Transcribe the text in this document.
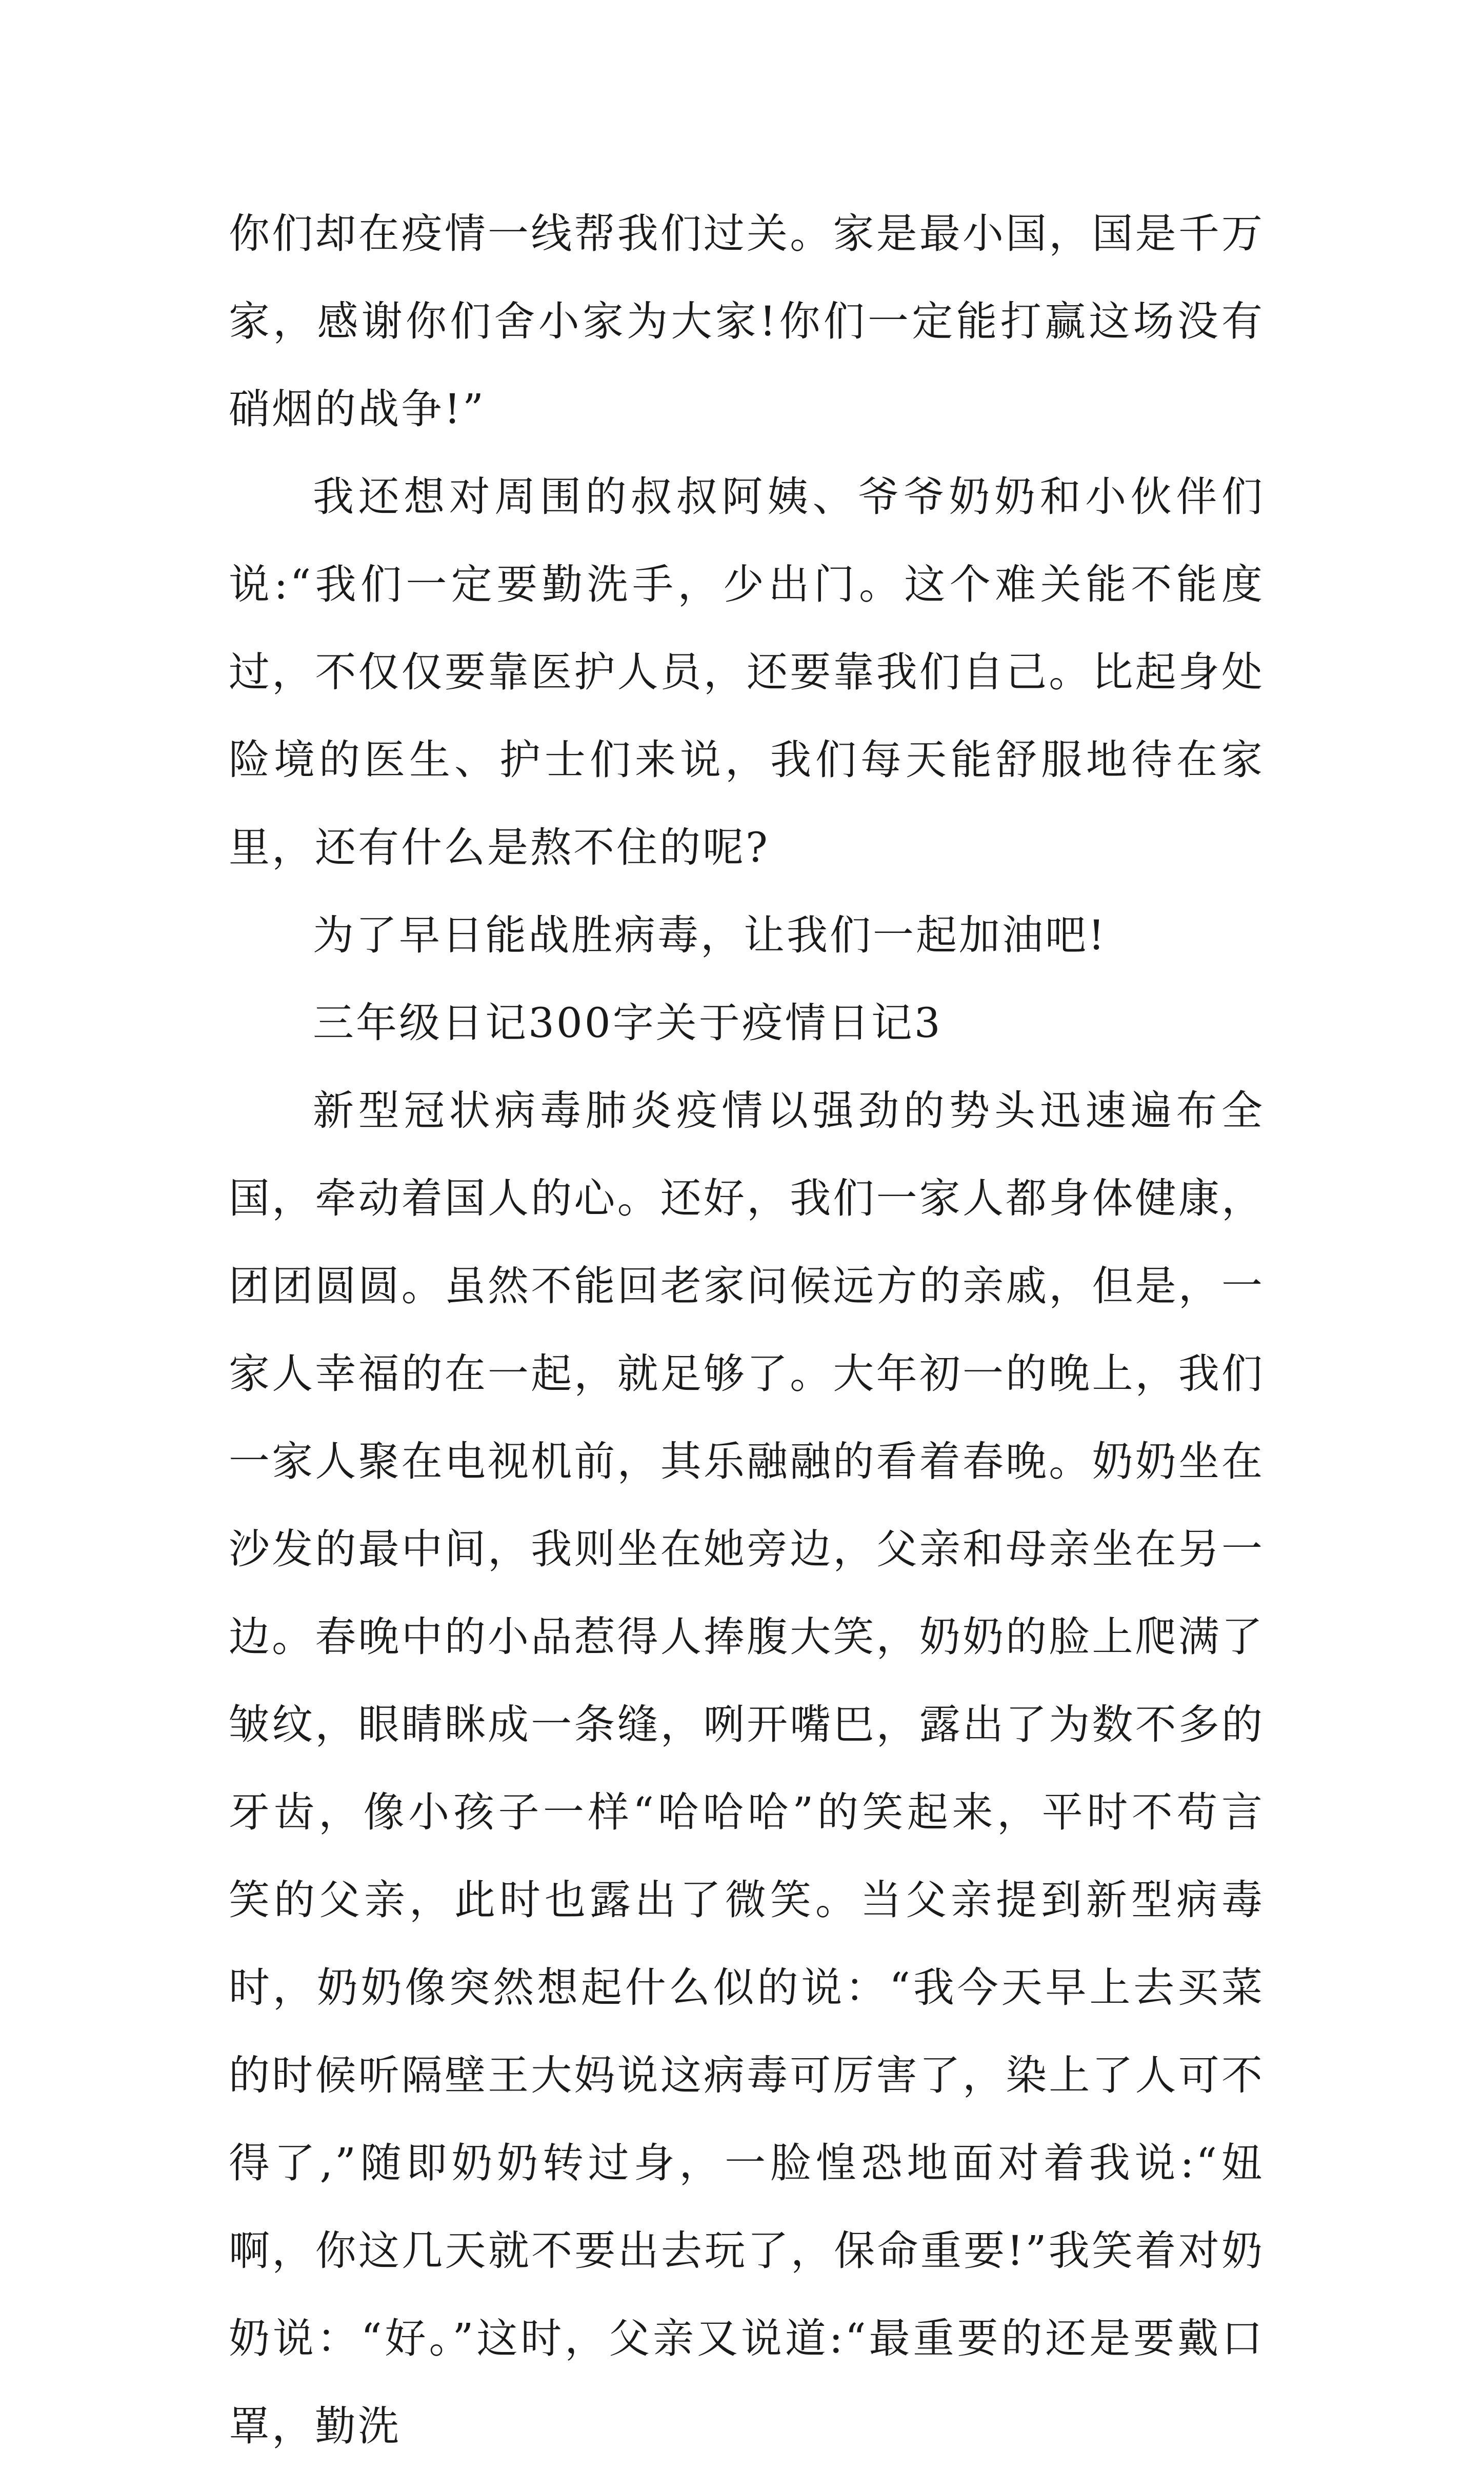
你们却在疫情一线帮我们过关。家是最小国，国是千万家，感谢你们舍小家为大家!你们一定能打赢这场没有硝烟的战争!”

我还想对周围的叔叔阿姨、爷爷奶奶和小伙伴们说:“我们一定要勤洗手，少出门。这个难关能不能度过，不仅仅要靠医护人员，还要靠我们自己。比起身处险境的医生、护士们来说，我们每天能舒服地待在家里，还有什么是熬不住的呢?

为了早日能战胜病毒，让我们一起加油吧!

三年级日记300字关于疫情日记3

新型冠状病毒肺炎疫情以强劲的势头迅速遍布全国，牵动着国人的心。还好，我们一家人都身体健康，团团圆圆。虽然不能回老家问候远方的亲戚，但是，一家人幸福的在一起，就足够了。大年初一的晚上，我们一家人聚在电视机前，其乐融融的看着春晚。奶奶坐在沙发的最中间，我则坐在她旁边，父亲和母亲坐在另一边。春晚中的小品惹得人捧腹大笑，奶奶的脸上爬满了皱纹，眼睛眯成一条缝，咧开嘴巴，露出了为数不多的牙齿，像小孩子一样“哈哈哈”的笑起来，平时不苟言笑的父亲，此时也露出了微笑。当父亲提到新型病毒时，奶奶像突然想起什么似的说：“我今天早上去买菜的时候听隔壁王大妈说这病毒可厉害了，染上了人可不得了,”随即奶奶转过身，一脸惶恐地面对着我说:“妞啊，你这几天就不要出去玩了，保命重要!”我笑着对奶奶说：“好。”这时，父亲又说道:“最重要的还是要戴口罩，勤洗
